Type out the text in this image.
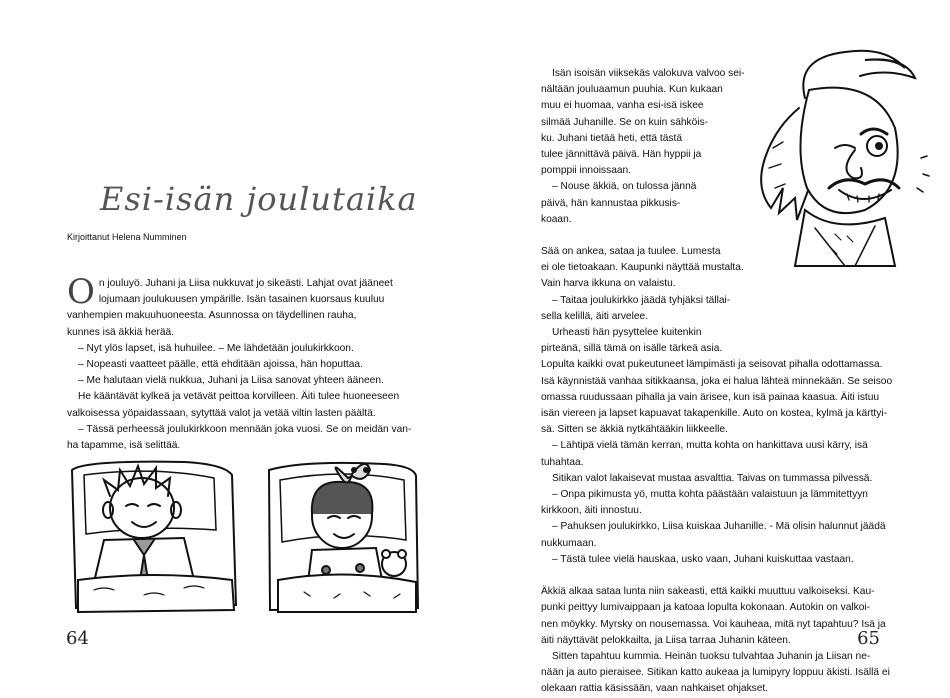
Esi-isän joulutaika
Kirjoittanut Helena Numminen
O n jouluyö. Juhani ja Liisa nukkuvat jo sikeästi. Lahjat ovat jääneet

lojumaan joulukuusen ympärille. Isän tasainen kuorsaus kuuluu

vanhempien makuuhuoneesta. Asunnossa on täydellinen rauha,

kunnes isä äkkiä herää.

– Nyt ylös lapset, isä huhuilee. – Me lähdetään joulukirkkoon.

– Nopeasti vaatteet päälle, että ehditään ajoissa, hän hoputtaa.

– Me halutaan vielä nukkua, Juhani ja Liisa sanovat yhteen ääneen.

He kääntävät kylkeä ja vetävät peittoa korvilleen. Äiti tulee huoneeseen

valkoisessa yöpaidassaan, sytyttää valot ja vetää viltin lasten päältä.

– Tässä perheessä joulukirkkoon mennään joka vuosi. Se on meidän van-

ha tapamme, isä selittää.

64

Isän isoisän viiksekäs valokuva valvoo sei-

nältään jouluaamun puuhia. Kun kukaan

muu ei huomaa, vanha esi-isä iskee

silmää Juhanille. Se on kuin sähköis-

ku. Juhani tietää heti, että tästä

tulee jännittävä päivä. Hän hyppii ja

pomppii innoissaan.

– Nouse äkkiä, on tulossa jännä

päivä, hän kannustaa pikkusis-

koaan.

Sää on ankea, sataa ja tuulee. Lumesta

ei ole tietoakaan. Kaupunki näyttää mustalta.

Vain harva ikkuna on valaistu.

– Taitaa joulukirkko jäädä tyhjäksi tällai-

sella kelillä, äiti arvelee.

Urheasti hän pysyttelee kuitenkin

pirteänä, sillä tämä on isälle tärkeä asia.

Lopulta kaikki ovat pukeutuneet lämpimästi ja seisovat pihalla odottamassa.

Isä käynnistää vanhaa sitikkaansa, joka ei halua lähteä minnekään. Se seisoo

omassa ruudussaan pihalla ja vain ärisee, kun isä painaa kaasua. Äiti istuu

isän viereen ja lapset kapuavat takapenkille. Auto on kostea, kylmä ja kärttyi-

sä. Sitten se äkkiä nytkähtääkin liikkeelle.

– Lähtipä vielä tämän kerran, mutta kohta on hankittava uusi kärry, isä

tuhahtaa.

Sitikan valot lakaisevat mustaa asvalttia. Taivas on tummassa pilvessä.

– Onpa pikimusta yö, mutta kohta päästään valaistuun ja lämmitettyyn

kirkkoon, äiti innostuu.

– Pahuksen joulukirkko, Liisa kuiskaa Juhanille. - Mä olisin halunnut jäädä

nukkumaan.

– Tästä tulee vielä hauskaa, usko vaan, Juhani kuiskuttaa vastaan.

Äkkiä alkaa sataa lunta niin sakeasti, että kaikki muuttuu valkoiseksi. Kau-

punki peittyy lumivaippaan ja katoaa lopulta kokonaan. Autokin on valkoi-

nen möykky. Myrsky on nousemassa. Voi kauheaa, mitä nyt tapahtuu? Isä ja

äiti näyttävät pelokkailta, ja Liisa tarraa Juhanin käteen.

Sitten tapahtuu kummia. Heinän tuoksu tulvahtaa Juhanin ja Liisan ne-

nään ja auto pieraisee. Sitikan katto aukeaa ja lumipyry loppuu äkisti. Isällä ei

olekaan rattia käsissään, vaan nahkaiset ohjakset.

65
